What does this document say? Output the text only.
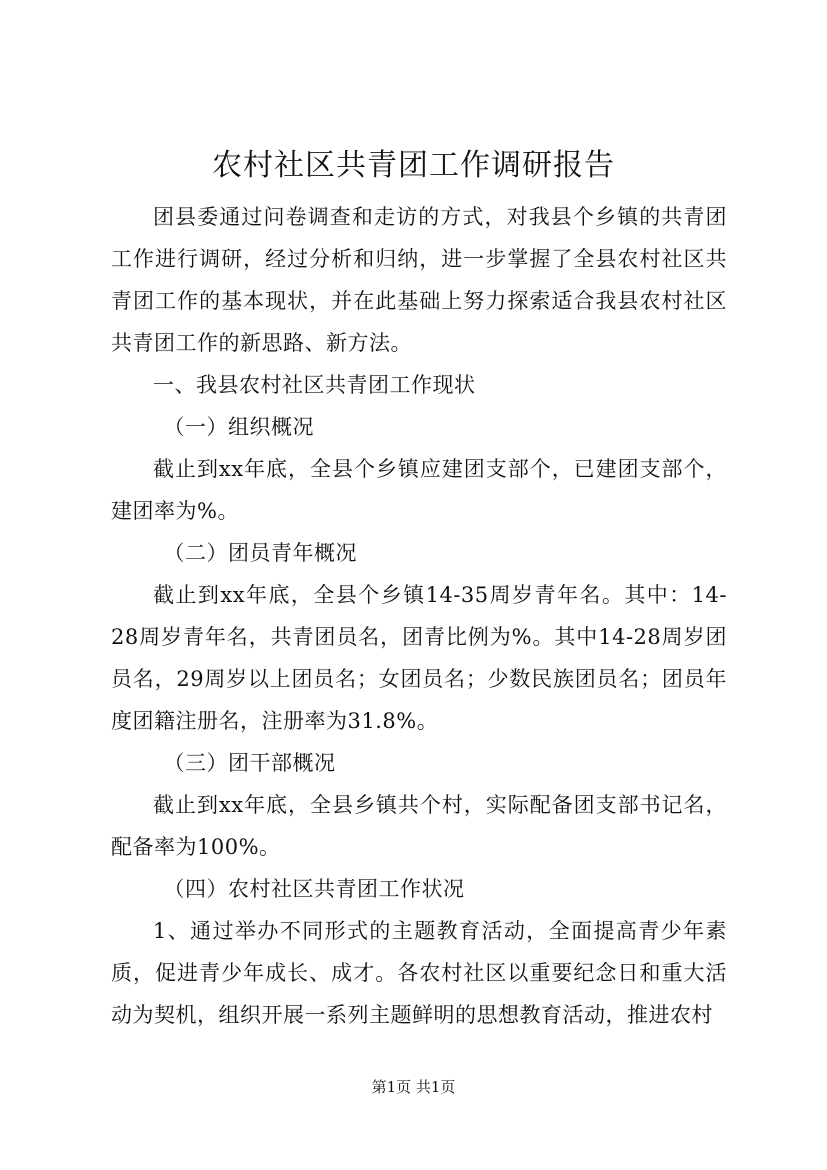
农村社区共青团工作调研报告

团县委通过问卷调查和走访的方式，对我县个乡镇的共青团工作进行调研，经过分析和归纳，进一步掌握了全县农村社区共青团工作的基本现状，并在此基础上努力探索适合我县农村社区共青团工作的新思路、新方法。

一、我县农村社区共青团工作现状

（一）组织概况

截止到xx年底，全县个乡镇应建团支部个，已建团支部个，建团率为%。

（二）团员青年概况

截止到xx年底，全县个乡镇14-35周岁青年名。其中：14-28周岁青年名，共青团员名，团青比例为%。其中14-28周岁团员名，29周岁以上团员名；女团员名；少数民族团员名；团员年度团籍注册名，注册率为31.8%。

（三）团干部概况

截止到xx年底，全县乡镇共个村，实际配备团支部书记名，配备率为100%。

（四）农村社区共青团工作状况

1、通过举办不同形式的主题教育活动，全面提高青少年素质，促进青少年成长、成才。各农村社区以重要纪念日和重大活动为契机，组织开展一系列主题鲜明的思想教育活动，推进农村

第1页 共1页
